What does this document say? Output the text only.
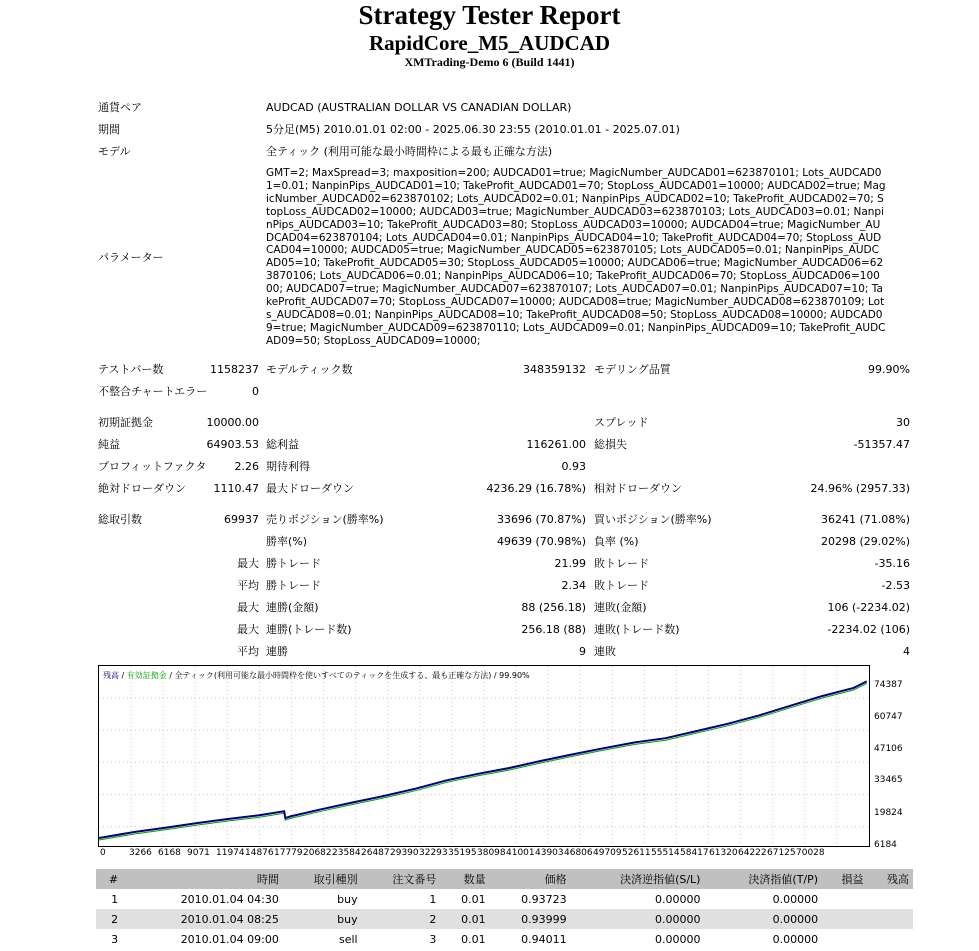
Strategy Tester Report
RapidCore_M5_AUDCAD
XMTrading-Demo 6 (Build 1441)
通貨ペア	AUDCAD (AUSTRALIAN DOLLAR VS CANADIAN DOLLAR)
期間	5分足(M5) 2010.01.01 02:00 - 2025.06.30 23:55 (2010.01.01 - 2025.07.01)
モデル	全ティック (利用可能な最小時間枠による最も正確な方法)
パラメーター
GMT=2; MaxSpread=3; maxposition=200; AUDCAD01=true; MagicNumber_AUDCAD01=623870101; Lots_AUDCAD01=0.01; NanpinPips_AUDCAD01=10; TakeProfit_AUDCAD01=70; StopLoss_AUDCAD01=10000; AUDCAD02=true; MagicNumber_AUDCAD02=623870102; Lots_AUDCAD02=0.01; NanpinPips_AUDCAD02=10; TakeProfit_AUDCAD02=70; StopLoss_AUDCAD02=10000; AUDCAD03=true; MagicNumber_AUDCAD03=623870103; Lots_AUDCAD03=0.01; NanpinPips_AUDCAD03=10; TakeProfit_AUDCAD03=80; StopLoss_AUDCAD03=10000; AUDCAD04=true; MagicNumber_AUDCAD04=623870104; Lots_AUDCAD04=0.01; NanpinPips_AUDCAD04=10; TakeProfit_AUDCAD04=70; StopLoss_AUDCAD04=10000; AUDCAD05=true; MagicNumber_AUDCAD05=623870105; Lots_AUDCAD05=0.01; NanpinPips_AUDCAD05=10; TakeProfit_AUDCAD05=30; StopLoss_AUDCAD05=10000; AUDCAD06=true; MagicNumber_AUDCAD06=623870106; Lots_AUDCAD06=0.01; NanpinPips_AUDCAD06=10; TakeProfit_AUDCAD06=70; StopLoss_AUDCAD06=10000; AUDCAD07=true; MagicNumber_AUDCAD07=623870107; Lots_AUDCAD07=0.01; NanpinPips_AUDCAD07=10; TakeProfit_AUDCAD07=70; StopLoss_AUDCAD07=10000; AUDCAD08=true; MagicNumber_AUDCAD08=623870109; Lots_AUDCAD08=0.01; NanpinPips_AUDCAD08=10; TakeProfit_AUDCAD08=50; StopLoss_AUDCAD08=10000; AUDCAD09=true; MagicNumber_AUDCAD09=623870110; Lots_AUDCAD09=0.01; NanpinPips_AUDCAD09=10; TakeProfit_AUDCAD09=50; StopLoss_AUDCAD09=10000;
テストバー数	1158237 モデルティック数	348359132 モデリング品質	99.90%
不整合チャートエラー	0
初期証拠金	10000.00	スプレッド	30
純益	64903.53 総利益	116261.00 総損失	-51357.47
プロフィットファクタ	2.26 期待利得	0.93
絶対ドローダウン	1110.47 最大ドローダウン	4236.29 (16.78%) 相対ドローダウン	24.96% (2957.33)
総取引数	69937 売りポジション(勝率%)	33696 (70.87%) 買いポジション(勝率%)	36241 (71.08%)
勝率(%)	49639 (70.98%) 負率 (%)	20298 (29.02%)
最大 勝トレード	21.99 敗トレード	-35.16
平均 勝トレード	2.34 敗トレード	-2.53
最大 連勝(金額)	88 (256.18) 連敗(金額)	106 (-2234.02)
最大 連勝(トレード数)	256.18 (88) 連敗(トレード数)	-2234.02 (106)
平均 連勝	9 連敗	4
残高 / 有効証拠金 / 全ティック(利用可能な最小時間枠を使いすべてのティックを生成する、最も正確な方法) / 99.90%
74387
60747
47106
33465
19824
6184
0	3266 6168 9071 11974 14876 17779 20682 23584 26487 29390 32293 35195 38098 41001 43903 46806 49709 52611 55514 58417 61320 64222 67125 70028
#	時間	取引種別	注文番号	数量	価格	決済逆指値(S/L)	決済指値(T/P)	損益	残高
1	2010.01.04 04:30	buy	1	0.01	0.93723	0.00000	0.00000		
2	2010.01.04 08:25	buy	2	0.01	0.93999	0.00000	0.00000		
3	2010.01.04 09:00	sell	3	0.01	0.94011	0.00000	0.00000		
